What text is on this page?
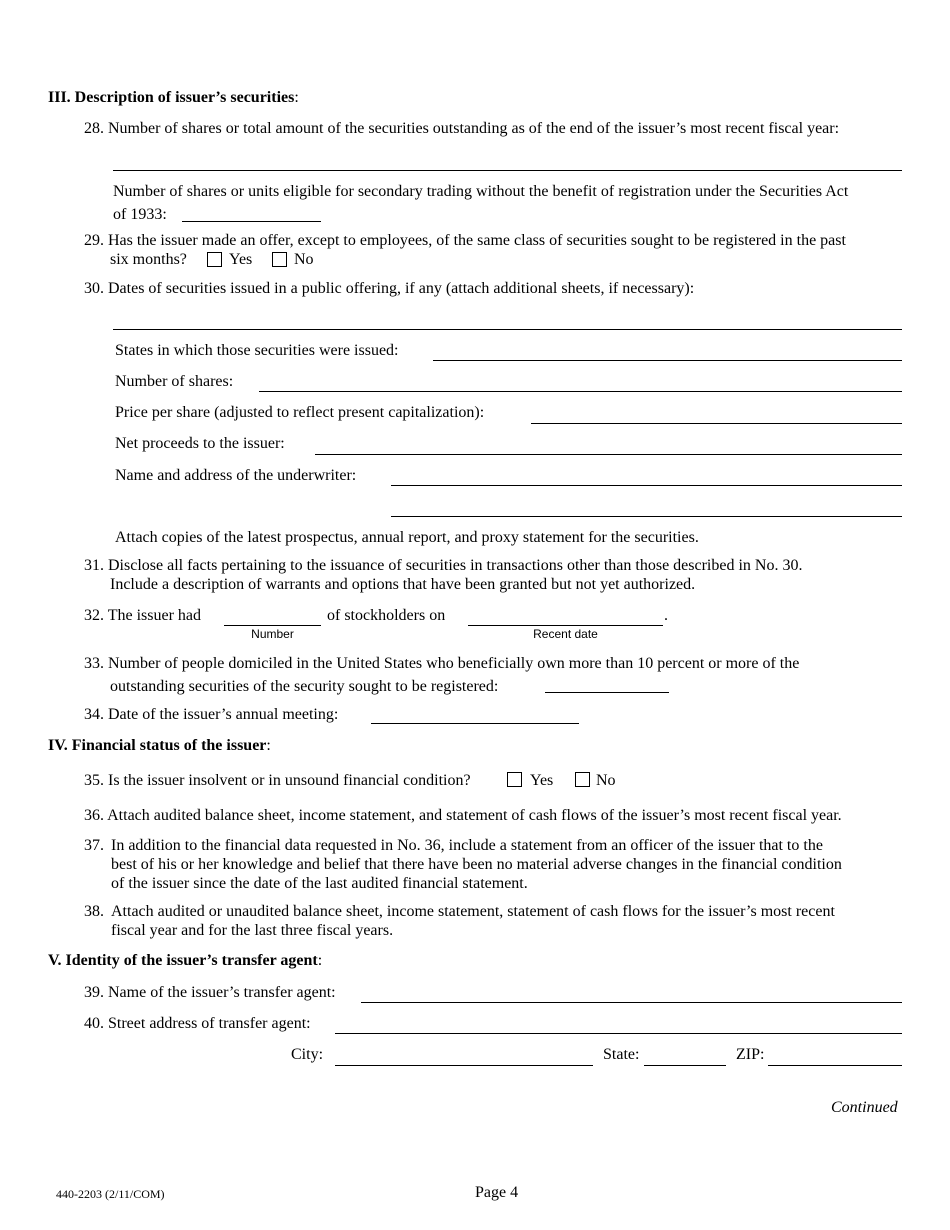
III. Description of issuer’s securities:
28. Number of shares or total amount of the securities outstanding as of the end of the issuer’s most recent fiscal year:
Number of shares or units eligible for secondary trading without the benefit of registration under the Securities Act
of 1933:
29. Has the issuer made an offer, except to employees, of the same class of securities sought to be registered in the past
six months?	Yes	No
30. Dates of securities issued in a public offering, if any (attach additional sheets, if necessary):
States in which those securities were issued:
Number of shares:
Price per share (adjusted to reflect present capitalization):
Net proceeds to the issuer:
Name and address of the underwriter:
Attach copies of the latest prospectus, annual report, and proxy statement for the securities.
31. Disclose all facts pertaining to the issuance of securities in transactions other than those described in No. 30.
Include a description of warrants and options that have been granted but not yet authorized.
32. The issuer had
Number
of stockholders on	.
Recent date
33. Number of people domiciled in the United States who beneficially own more than 10 percent or more of the
outstanding securities of the security sought to be registered:
34. Date of the issuer’s annual meeting:
IV. Financial status of the issuer:
35. Is the issuer insolvent or in unsound financial condition?	Yes	No
36. Attach audited balance sheet, income statement, and statement of cash flows of the issuer’s most recent fiscal year.
37. In addition to the financial data requested in No. 36, include a statement from an officer of the issuer that to the
best of his or her knowledge and belief that there have been no material adverse changes in the financial condition
of the issuer since the date of the last audited financial statement.
38. Attach audited or unaudited balance sheet, income statement, statement of cash flows for the issuer’s most recent
fiscal year and for the last three fiscal years.
V. Identity of the issuer’s transfer agent:
39. Name of the issuer’s transfer agent:
40. Street address of transfer agent:
City:	State:	ZIP:
Continued
440-2203 (2/11/COM)	Page 4
